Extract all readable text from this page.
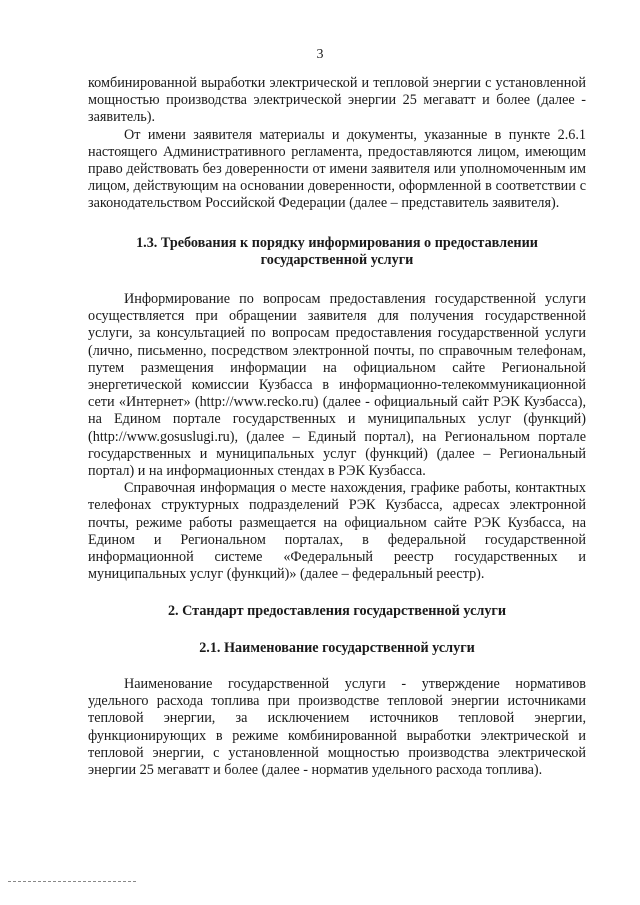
3

комбинированной выработки электрической и тепловой энергии с установленной мощностью производства электрической энергии 25 мегаватт и более (далее - заявитель).

От имени заявителя материалы и документы, указанные в пункте 2.6.1 настоящего Административного регламента, предоставляются лицом, имеющим право действовать без доверенности от имени заявителя или уполномоченным им лицом, действующим на основании доверенности, оформленной в соответствии с законодательством Российской Федерации (далее – представитель заявителя).

1.3. Требования к порядку информирования о предоставлении государственной услуги

Информирование по вопросам предоставления государственной услуги осуществляется при обращении заявителя для получения государственной услуги, за консультацией по вопросам предоставления государственной услуги (лично, письменно, посредством электронной почты, по справочным телефонам, путем размещения информации на официальном сайте Региональной энергетической комиссии Кузбасса в информационно-телекоммуникационной сети «Интернет» (http://www.recko.ru) (далее - официальный сайт РЭК Кузбасса), на Едином портале государственных и муниципальных услуг (функций) (http://www.gosuslugi.ru), (далее – Единый портал), на Региональном портале государственных и муниципальных услуг (функций) (далее – Региональный портал) и на информационных стендах в РЭК Кузбасса.

Справочная информация о месте нахождения, графике работы, контактных телефонах структурных подразделений РЭК Кузбасса, адресах электронной почты, режиме работы размещается на официальном сайте РЭК Кузбасса, на Едином и Региональном порталах, в федеральной государственной информационной системе «Федеральный реестр государственных и муниципальных услуг (функций)» (далее – федеральный реестр).

2. Стандарт предоставления государственной услуги
2.1. Наименование государственной услуги

Наименование государственной услуги - утверждение нормативов удельного расхода топлива при производстве тепловой энергии источниками тепловой энергии, за исключением источников тепловой энергии, функционирующих в режиме комбинированной выработки электрической и тепловой энергии, с установленной мощностью производства электрической энергии 25 мегаватт и более (далее - норматив удельного расхода топлива).
